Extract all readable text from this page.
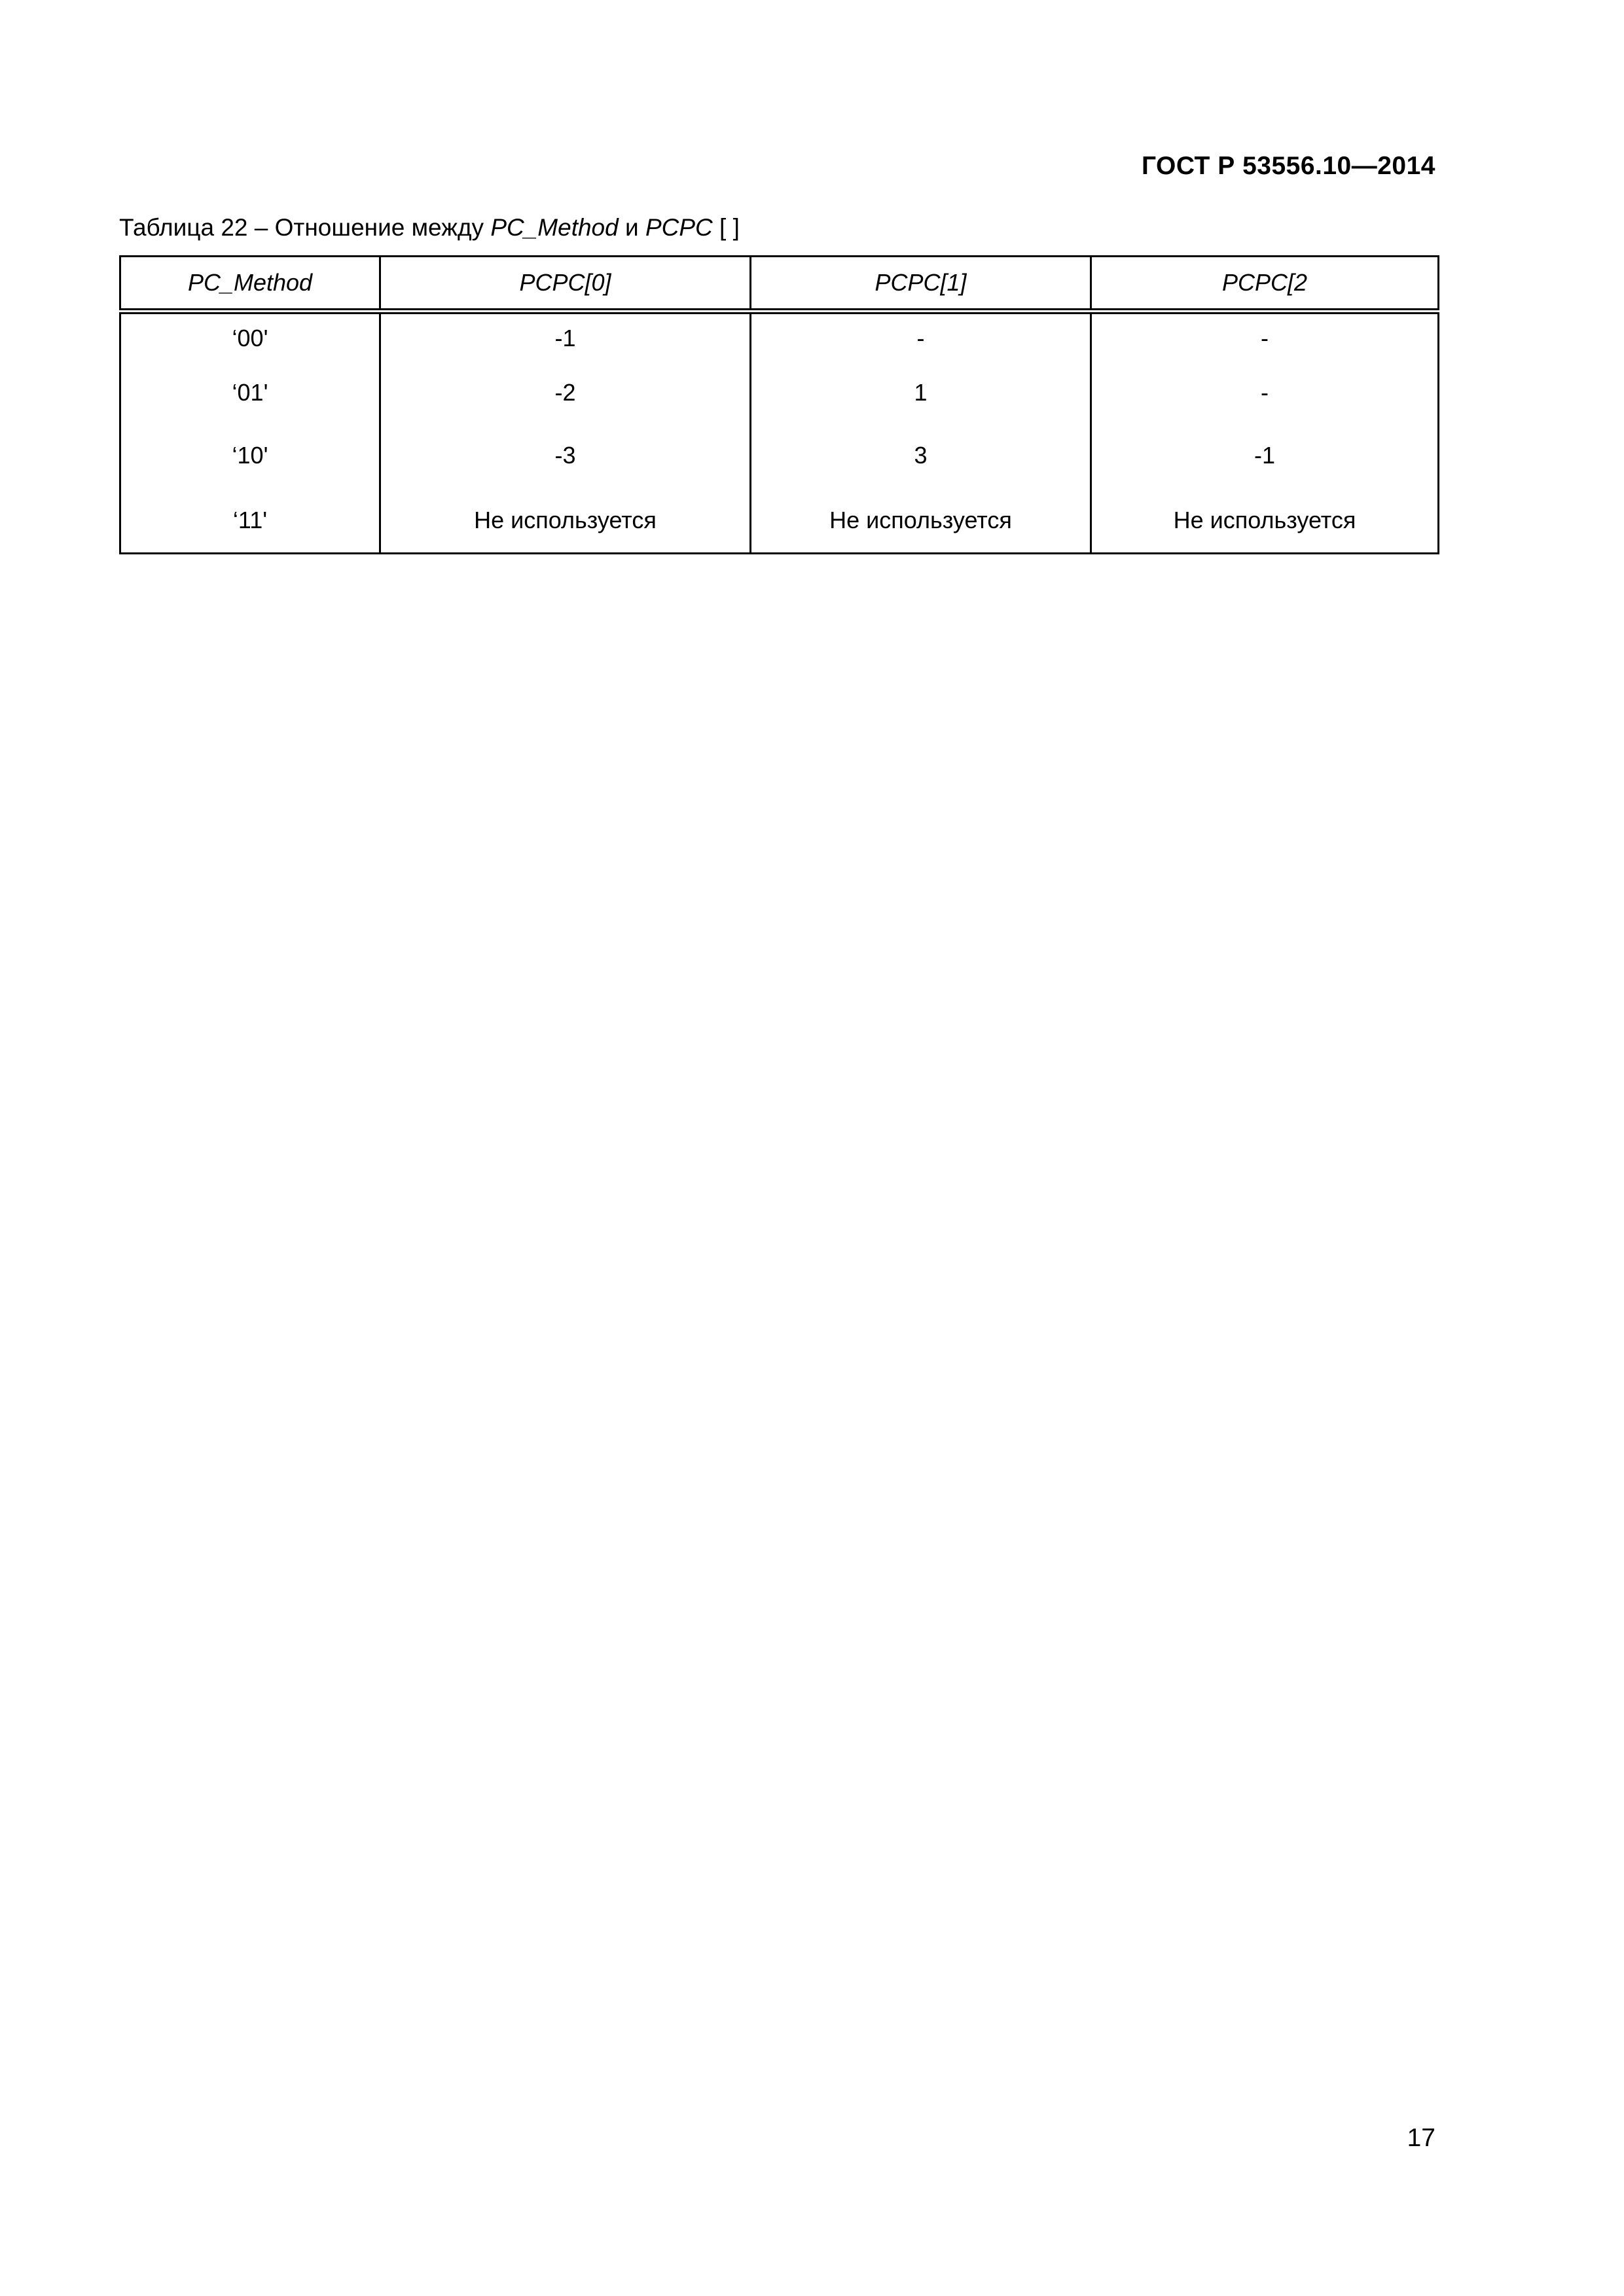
ГОСТ Р 53556.10—2014
Таблица 22 – Отношение между PC_Method и PCPC [ ]
PC_Method	PCPC[0]	PCPC[1]	PCPC[2
‘00'	-1	-	-
‘01'	-2	1	-
‘10'	-3	3	-1
‘11'	Не используется	Не используется	Не используется
17
